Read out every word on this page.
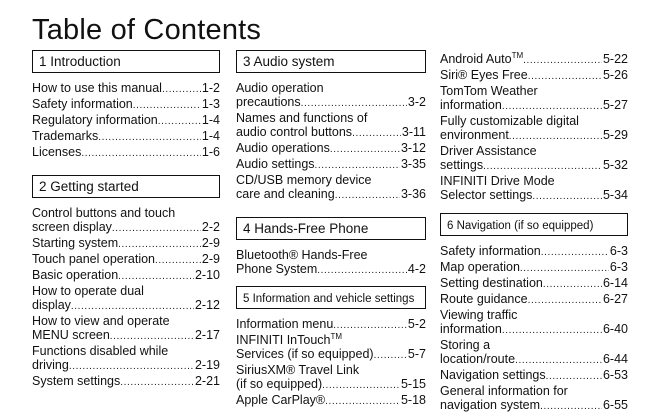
Table of Contents
1 Introduction
How to use this manual .....	1-2
Safety information .....	1-3
Regulatory information .....	1-4
Trademarks .....	1-4
Licenses .....	1-6
2 Getting started
Control buttons and touch
screen display .....	2-2
Starting system .....	2-9
Touch panel operation .....	2-9
Basic operation .....	2-10
How to operate dual
display .....	2-12
How to view and operate
MENU screen .....	2-17
Functions disabled while
driving .....	2-19
System settings .....	2-21
3 Audio system
Audio operation
precautions .....	3-2
Names and functions of
audio control buttons .....	3-11
Audio operations .....	3-12
Audio settings .....	3-35
CD/USB memory device
care and cleaning .....	3-36
4 Hands-Free Phone
Bluetooth® Hands-Free
Phone System .....	4-2
5 Information and vehicle settings
Information menu .....	5-2
INFINITI InTouch™
Services (if so equipped) .....	5-7
SiriusXM® Travel Link
(if so equipped) .....	5-15
Apple CarPlay® .....	5-18
Android Auto™ .....	5-22
Siri® Eyes Free .....	5-26
TomTom Weather
information .....	5-27
Fully customizable digital
environment .....	5-29
Driver Assistance
settings .....	5-32
INFINITI Drive Mode
Selector settings .....	5-34
6 Navigation (if so equipped)
Safety information .....	6-3
Map operation .....	6-3
Setting destination .....	6-14
Route guidance .....	6-27
Viewing traffic
information .....	6-40
Storing a
location/route .....	6-44
Navigation settings .....	6-53
General information for
navigation system .....	6-55
